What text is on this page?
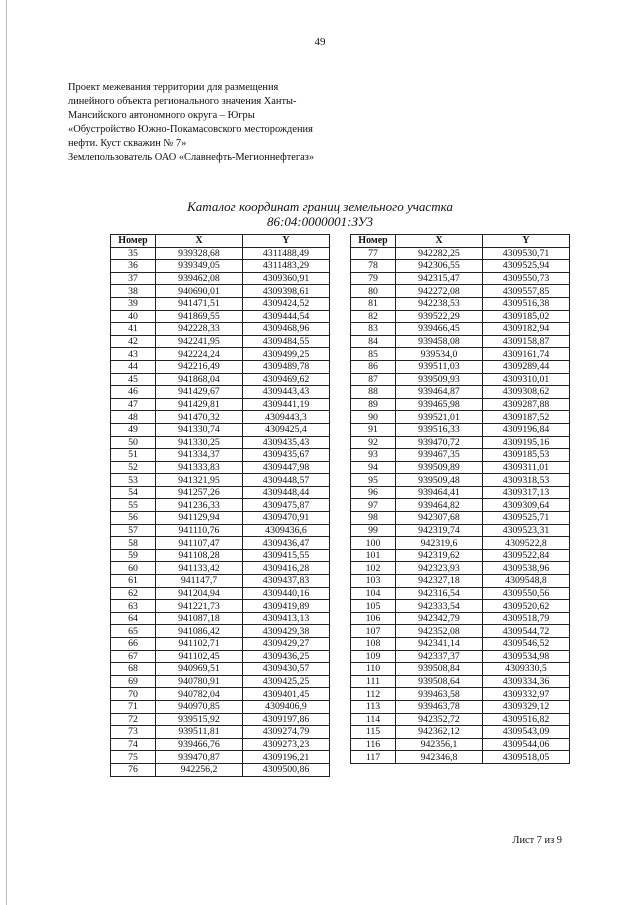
49
Проект межевания территории для размещения
линейного объекта регионального значения Ханты-
Мансийского автономного округа – Югры
«Обустройство Южно-Покамасовского месторождения
нефти. Куст скважин № 7»
Землепользователь ОАО «Славнефть-Мегионнефтегаз»
Каталог координат границ земельного участка
86:04:0000001:ЗУ3
Номер	X	Y
35	939328,68	4311488,49
36	939349,05	4311483,29
37	939462,08	4309360,91
38	940690,01	4309398,61
39	941471,51	4309424,52
40	941869,55	4309444,54
41	942228,33	4309468,96
42	942241,95	4309484,55
43	942224,24	4309499,25
44	942216,49	4309489,78
45	941868,04	4309469,62
46	941429,67	4309443,43
47	941429,81	4309441,19
48	941470,32	4309443,3
49	941330,74	4309425,4
50	941330,25	4309435,43
51	941334,37	4309435,67
52	941333,83	4309447,98
53	941321,95	4309448,57
54	941257,26	4309448,44
55	941236,33	4309475,87
56	941129,94	4309470,91
57	941110,76	4309436,6
58	941107,47	4309436,47
59	941108,28	4309415,55
60	941133,42	4309416,28
61	941147,7	4309437,83
62	941204,94	4309440,16
63	941221,73	4309419,89
64	941087,18	4309413,13
65	941086,42	4309429,38
66	941102,71	4309429,27
67	941102,45	4309436,25
68	940969,51	4309430,57
69	940780,91	4309425,25
70	940782,04	4309401,45
71	940970,85	4309406,9
72	939515,92	4309197,86
73	939511,81	4309274,79
74	939466,76	4309273,23
75	939470,87	4309196,21
76	942256,2	4309500,86
Номер	X	Y
77	942282,25	4309530,71
78	942306,55	4309525,94
79	942315,47	4309550,73
80	942272,08	4309557,85
81	942238,53	4309516,38
82	939522,29	4309185,02
83	939466,45	4309182,94
84	939458,08	4309158,87
85	939534,0	4309161,74
86	939511,03	4309289,44
87	939509,93	4309310,01
88	939464,87	4309308,62
89	939465,98	4309287,88
90	939521,01	4309187,52
91	939516,33	4309196,84
92	939470,72	4309195,16
93	939467,35	4309185,53
94	939509,89	4309311,01
95	939509,48	4309318,53
96	939464,41	4309317,13
97	939464,82	4309309,64
98	942307,68	4309525,71
99	942319,74	4309523,31
100	942319,6	4309522,8
101	942319,62	4309522,84
102	942323,93	4309538,96
103	942327,18	4309548,8
104	942316,54	4309550,56
105	942333,54	4309520,62
106	942342,79	4309518,79
107	942352,08	4309544,72
108	942341,14	4309546,52
109	942337,37	4309534,98
110	939508,84	4309330,5
111	939508,64	4309334,36
112	939463,58	4309332,97
113	939463,78	4309329,12
114	942352,72	4309516,82
115	942362,12	4309543,09
116	942356,1	4309544,06
117	942346,8	4309518,05
Лист 7 из 9
